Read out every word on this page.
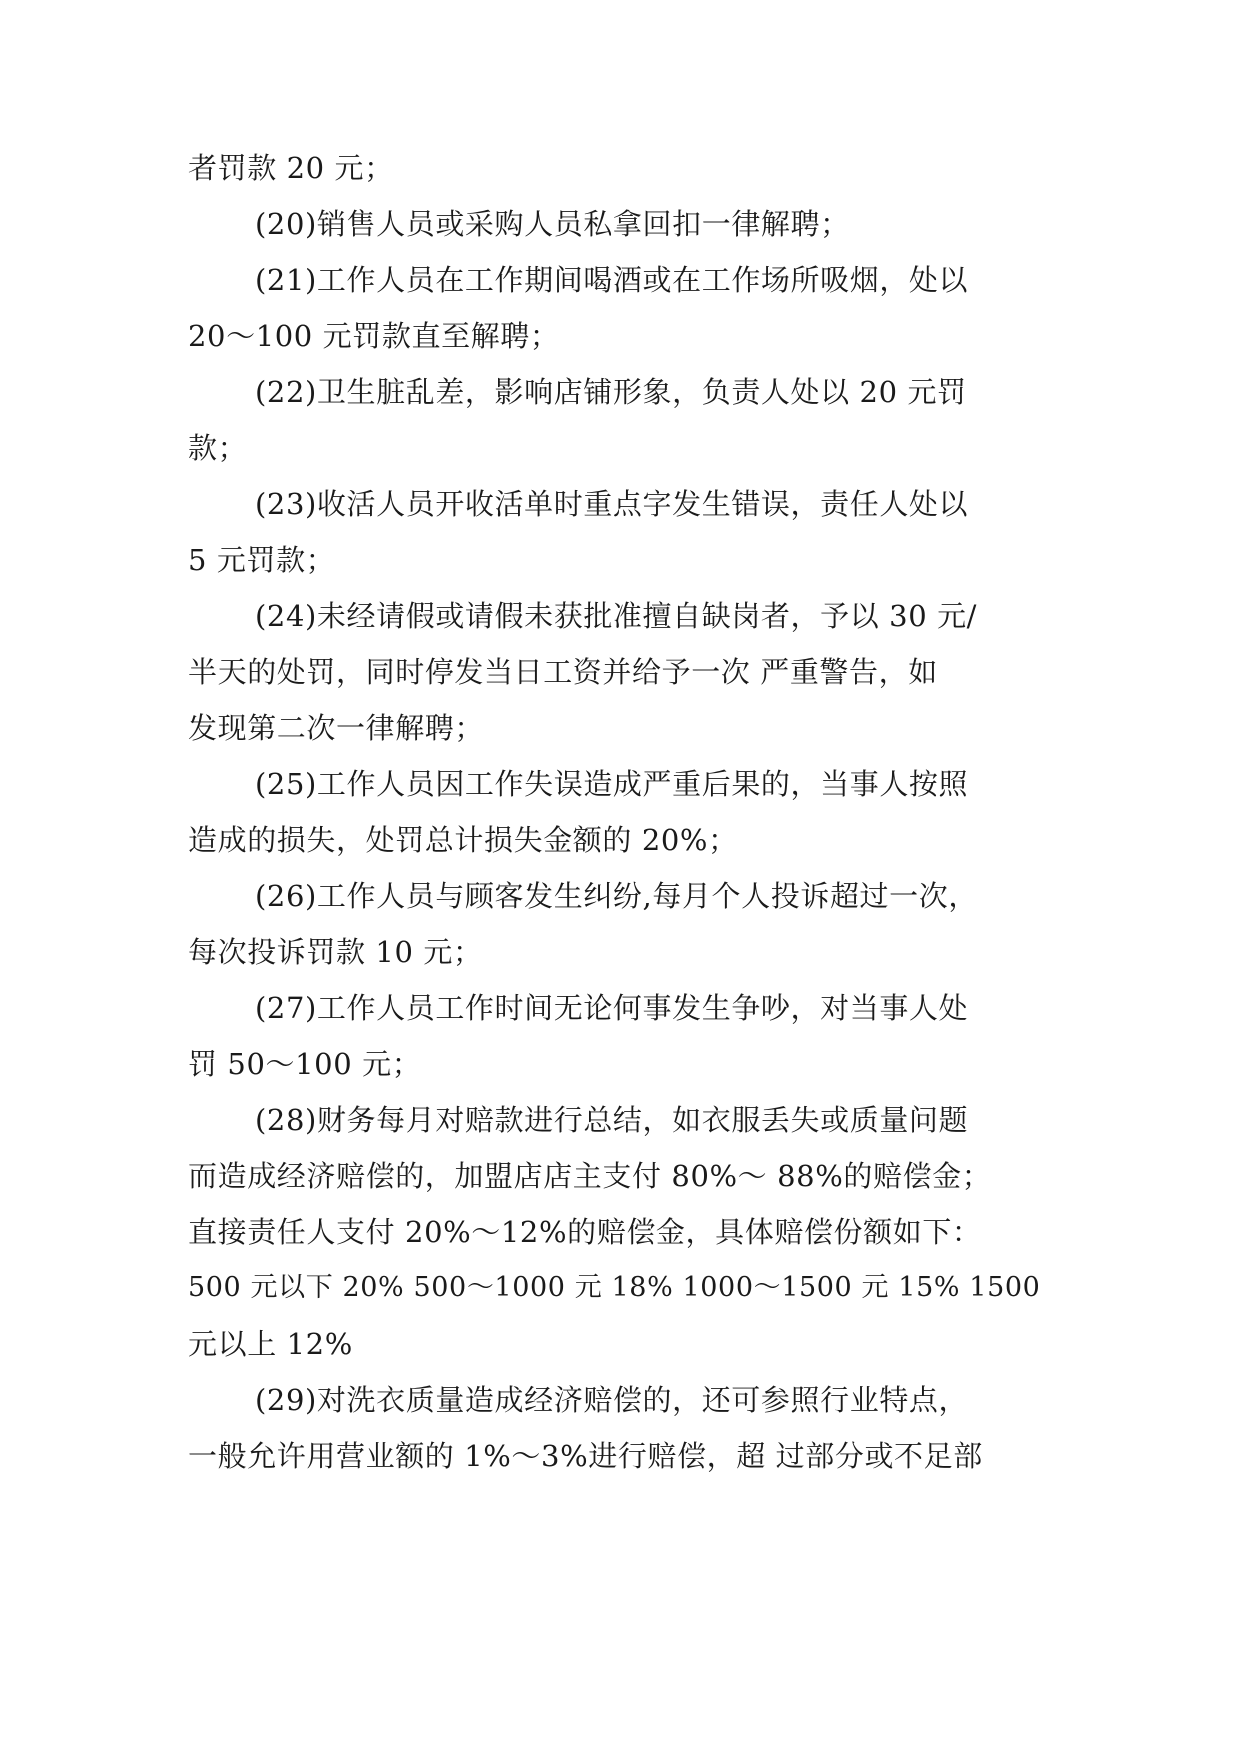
者罚款 20 元；
(20)销售人员或采购人员私拿回扣一律解聘；
(21)工作人员在工作期间喝酒或在工作场所吸烟，处以
20～100 元罚款直至解聘；
(22)卫生脏乱差，影响店铺形象，负责人处以 20 元罚
款；
(23)收活人员开收活单时重点字发生错误，责任人处以
5 元罚款；
(24)未经请假或请假未获批准擅自缺岗者，予以 30 元/
半天的处罚，同时停发当日工资并给予一次 严重警告，如
发现第二次一律解聘；
(25)工作人员因工作失误造成严重后果的，当事人按照
造成的损失，处罚总计损失金额的 20%；
(26)工作人员与顾客发生纠纷,每月个人投诉超过一次，
每次投诉罚款 10 元；
(27)工作人员工作时间无论何事发生争吵，对当事人处
罚 50～100 元；
(28)财务每月对赔款进行总结，如衣服丢失或质量问题
而造成经济赔偿的，加盟店店主支付 80%～ 88%的赔偿金；
直接责任人支付 20%～12%的赔偿金，具体赔偿份额如下：
500 元以下 20% 500～1000 元 18% 1000～1500 元 15% 1500
元以上 12%
(29)对洗衣质量造成经济赔偿的，还可参照行业特点，
一般允许用营业额的 1%～3%进行赔偿，超 过部分或不足部
